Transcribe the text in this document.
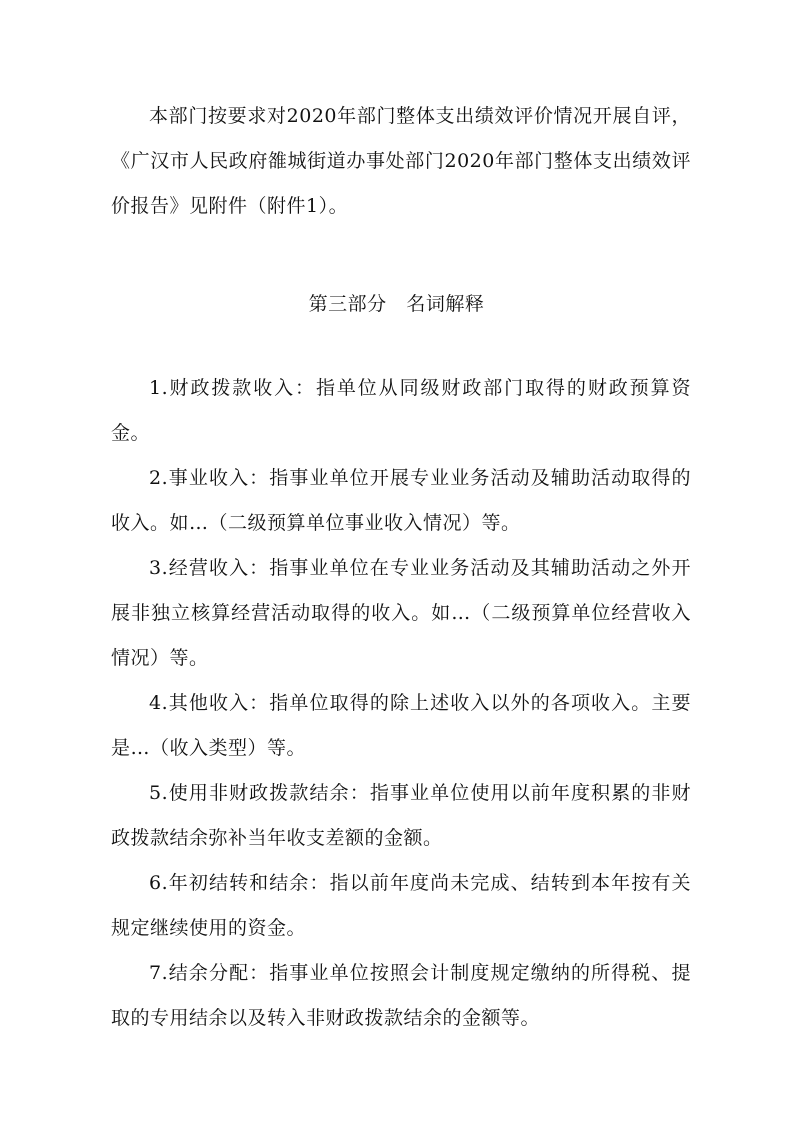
本部门按要求对2020年部门整体支出绩效评价情况开展自评，《广汉市人民政府雒城街道办事处部门2020年部门整体支出绩效评价报告》见附件（附件1）。

第三部分 名词解释

1.财政拨款收入：指单位从同级财政部门取得的财政预算资金。

2.事业收入：指事业单位开展专业业务活动及辅助活动取得的收入。如…（二级预算单位事业收入情况）等。

3.经营收入：指事业单位在专业业务活动及其辅助活动之外开展非独立核算经营活动取得的收入。如…（二级预算单位经营收入情况）等。

4.其他收入：指单位取得的除上述收入以外的各项收入。主要是…（收入类型）等。

5.使用非财政拨款结余：指事业单位使用以前年度积累的非财政拨款结余弥补当年收支差额的金额。

6.年初结转和结余：指以前年度尚未完成、结转到本年按有关规定继续使用的资金。

7.结余分配：指事业单位按照会计制度规定缴纳的所得税、提取的专用结余以及转入非财政拨款结余的金额等。
